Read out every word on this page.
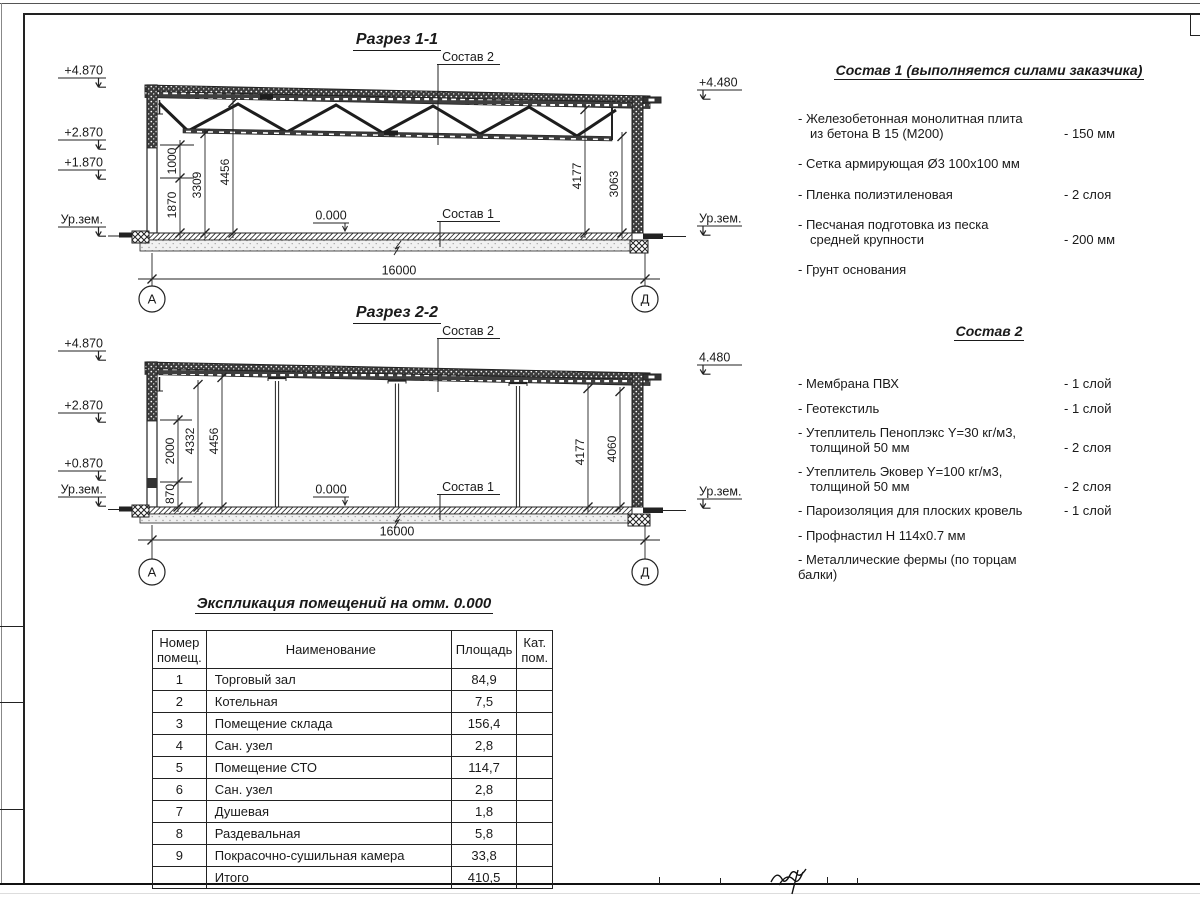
Разрез 1-1
Разрез 2-2
0.000
Состав 2
Состав 1
1000
1870
3309 4456	4177 3063
16000
А	Д
+4.870
+2.870
+1.870
Ур.зем.
+4.480
Ур.зем.
0.000
Состав 2
Состав 1
2000
870
4332 4456	4177 4060
16000
А	Д
+4.870
+2.870
+0.870
Ур.зем.
4.480
Ур.зем.
Состав 1 (выполняется силами заказчика)
- Железобетонная монолитная плита
из бетона В 15 (М200)	- 150 мм
- Сетка армирующая Ø3 100х100 мм
- Пленка полиэтиленовая	- 2 слоя
- Песчаная подготовка из песка
средней крупности	- 200 мм
- Грунт основания
Состав 2
- Мембрана ПВХ	- 1 слой
- Геотекстиль	- 1 слой
- Утеплитель Пеноплэкс Y=30 кг/м3,
толщиной 50 мм	- 2 слоя
- Утеплитель Эковер Y=100 кг/м3,
толщиной 50 мм	- 2 слоя
- Пароизоляция для плоских кровель	- 1 слой
- Профнастил Н 114х0.7 мм
- Металлические фермы (по торцам балки)
Экспликация помещений на отм. 0.000
Номер
помещ.	Наименование	Площадь	Кат.
пом.
1	Торговый зал	84,9	
2	Котельная	7,5	
3	Помещение склада	156,4	
4	Сан. узел	2,8	
5	Помещение СТО	114,7	
6	Сан. узел	2,8	
7	Душевая	1,8	
8	Раздевальная	5,8	
9	Покрасочно-сушильная камера	33,8	
	Итого	410,5	
